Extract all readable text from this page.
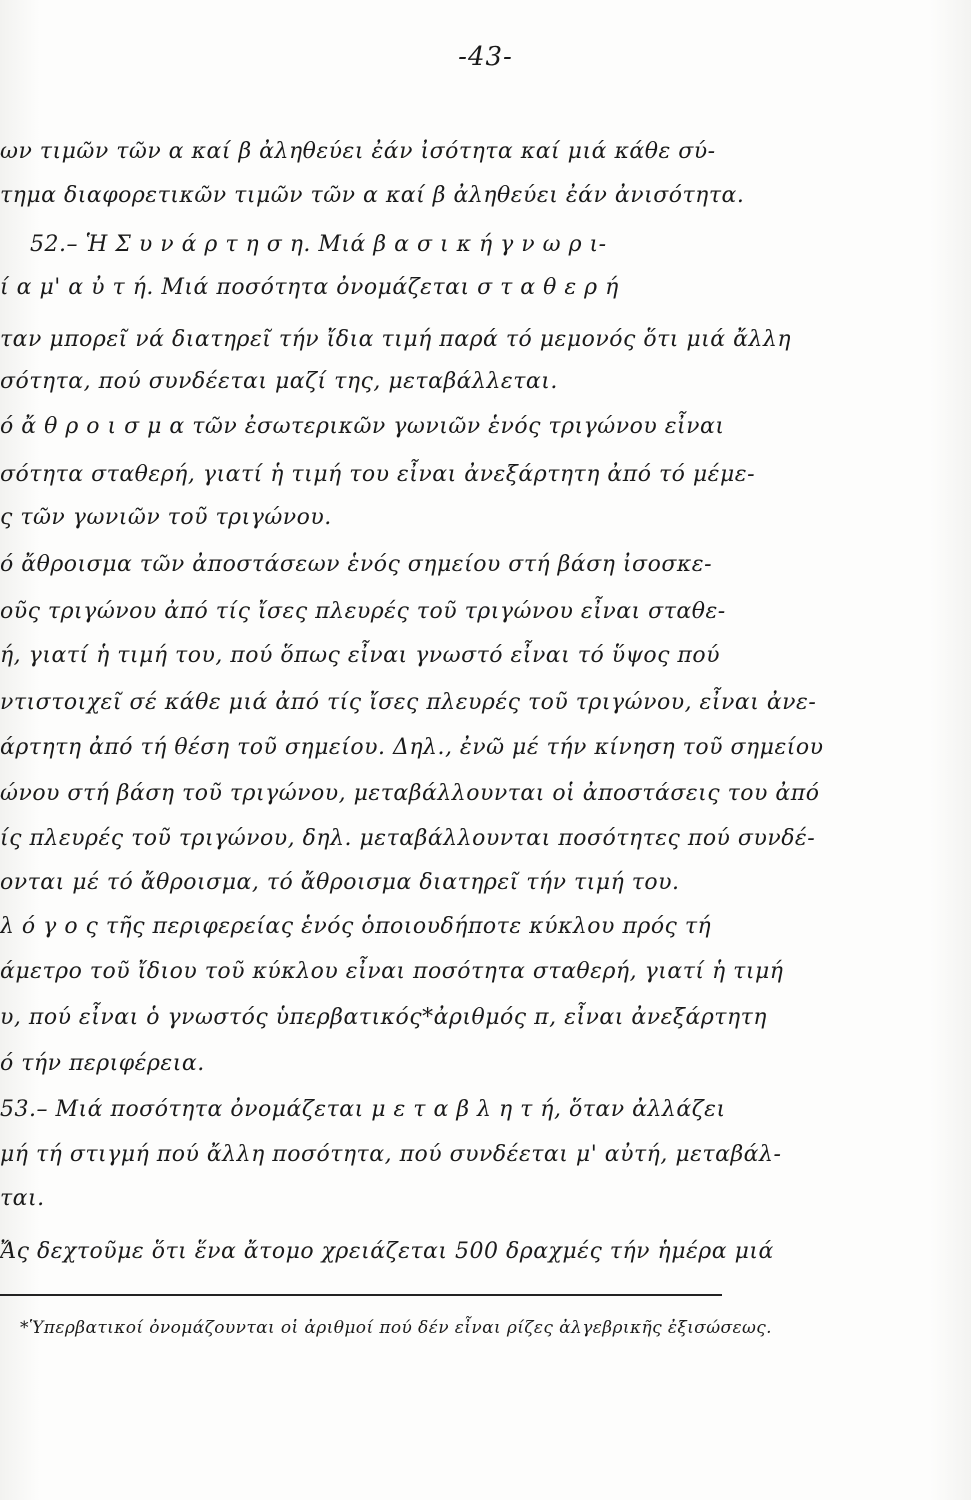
-43-
ων τιμῶν τῶν α καί β ἀληθεύει ἐάν ἰσότητα καί μιά κάθε σύ-
τημα διαφορετικῶν τιμῶν τῶν α καί β ἀληθεύει ἐάν ἀνισότητα.
52.– Ἡ Σ υ ν ά ρ τ η σ η. Μιά β α σ ι κ ή γ ν ω ρ ι-
ί α μ' α ὐ τ ή. Μιά ποσότητα ὀνομάζεται σ τ α θ ε ρ ή
ταν μπορεῖ νά διατηρεῖ τήν ἴδια τιμή παρά τό μεμονός ὅτι μιά ἄλλη
σότητα, πού συνδέεται μαζί της, μεταβάλλεται.
ό ἄ θ ρ ο ι σ μ α τῶν ἐσωτερικῶν γωνιῶν ἑνός τριγώνου εἶναι
σότητα σταθερή, γιατί ἡ τιμή του εἶναι ἀνεξάρτητη ἀπό τό μέμε-
ς τῶν γωνιῶν τοῦ τριγώνου.
ό ἄθροισμα τῶν ἀποστάσεων ἑνός σημείου στή βάση ἰσοσκε-
οῦς τριγώνου ἀπό τίς ἴσες πλευρές τοῦ τριγώνου εἶναι σταθε-
ή, γιατί ἡ τιμή του, πού ὅπως εἶναι γνωστό εἶναι τό ὕψος πού
ντιστοιχεῖ σέ κάθε μιά ἀπό τίς ἴσες πλευρές τοῦ τριγώνου, εἶναι ἀνε-
άρτητη ἀπό τή θέση τοῦ σημείου. Δηλ., ἐνῶ μέ τήν κίνηση τοῦ σημείου
ώνου στή βάση τοῦ τριγώνου, μεταβάλλουνται οἱ ἀποστάσεις του ἀπό
ίς πλευρές τοῦ τριγώνου, δηλ. μεταβάλλουνται ποσότητες πού συνδέ-
ονται μέ τό ἄθροισμα, τό ἄθροισμα διατηρεῖ τήν τιμή του.
λ ό γ ο ς τῆς περιφερείας ἑνός ὁποιουδήποτε κύκλου πρός τή
άμετρο τοῦ ἴδιου τοῦ κύκλου εἶναι ποσότητα σταθερή, γιατί ἡ τιμή
υ, πού εἶναι ὁ γνωστός ὑπερβατικός*ἀριθμός π, εἶναι ἀνεξάρτητη
ό τήν περιφέρεια.
53.– Μιά ποσότητα ὀνομάζεται μ ε τ α β λ η τ ή, ὅταν ἀλλάζει
μή τή στιγμή πού ἄλλη ποσότητα, πού συνδέεται μ' αὐτή, μεταβάλ-
ται.
Ἄς δεχτοῦμε ὅτι ἕνα ἄτομο χρειάζεται 500 δραχμές τήν ἡμέρα μιά
*Ὑπερβατικοί ὀνομάζουνται οἱ ἀριθμοί πού δέν εἶναι ρίζες ἀλγεβρικῆς ἐξισώσεως.
